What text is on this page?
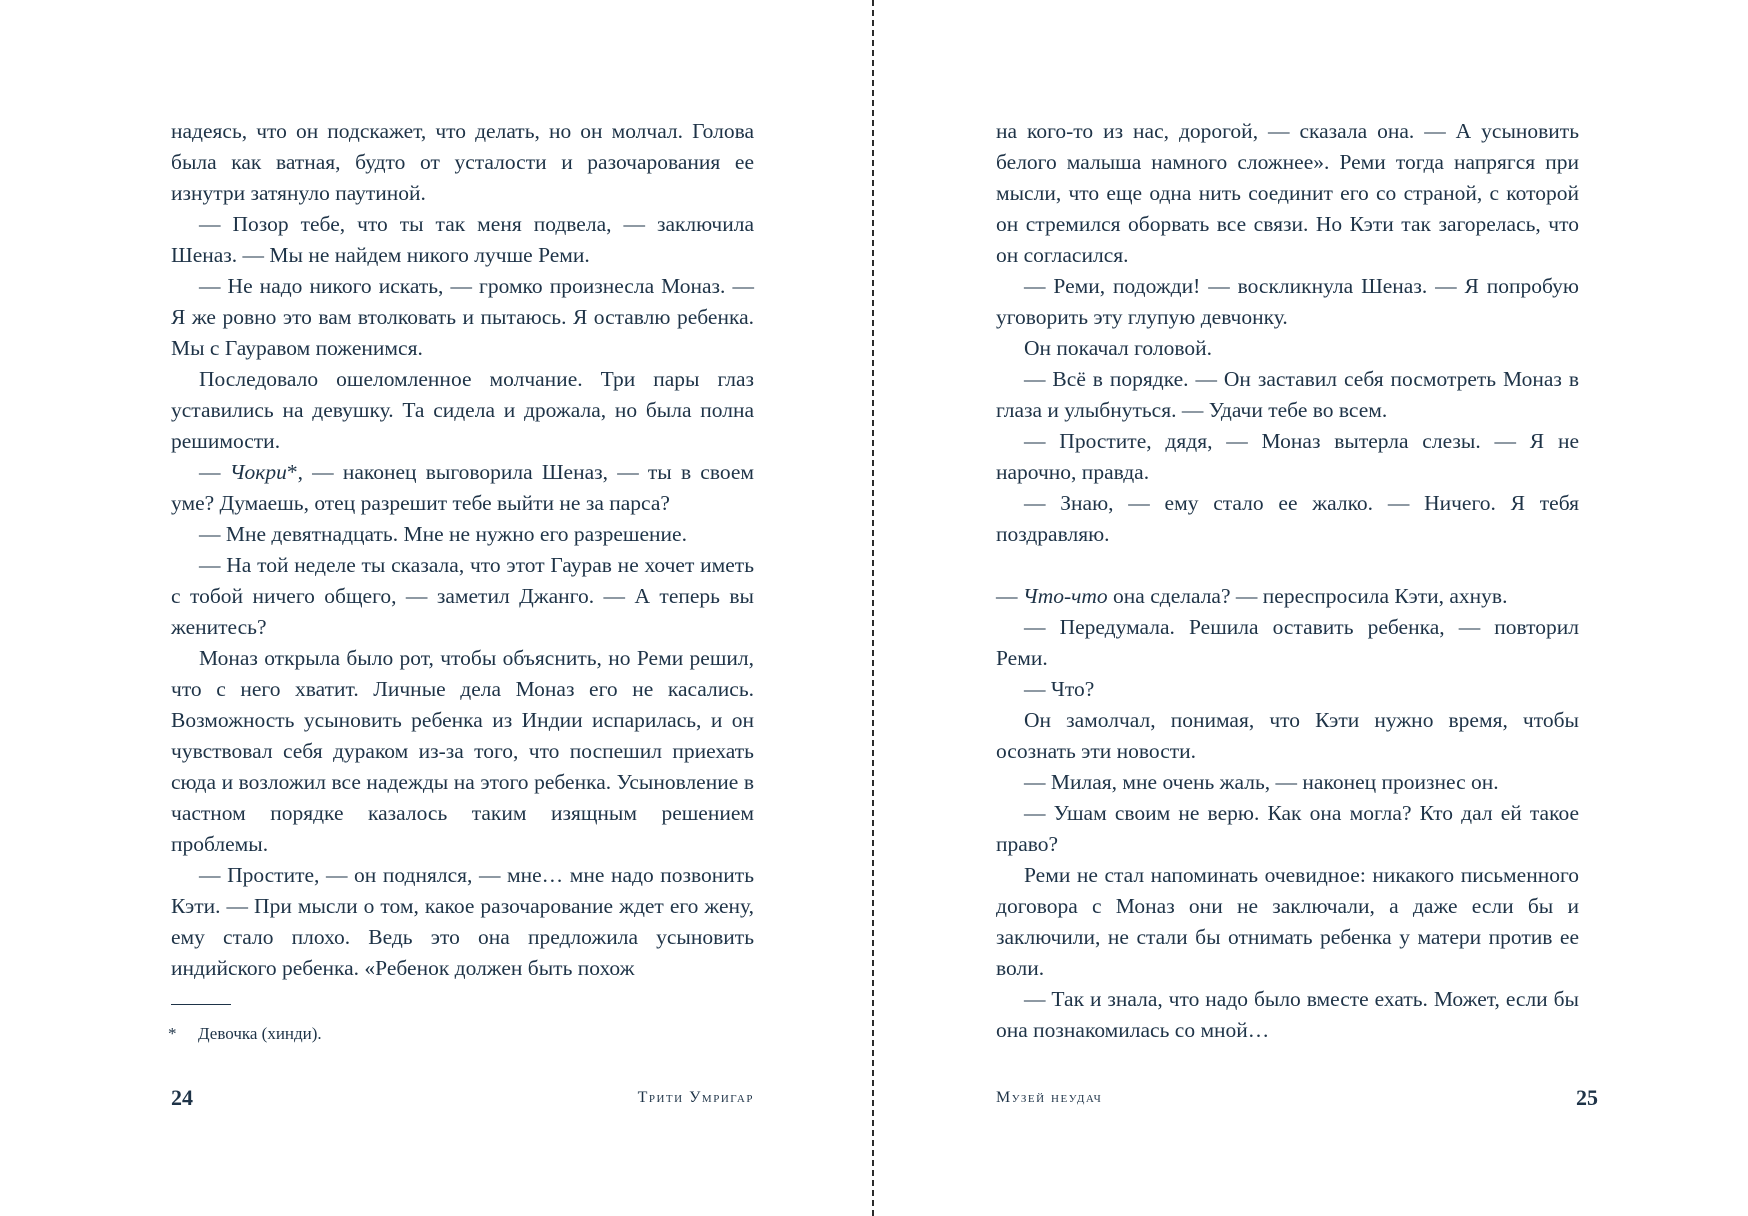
надеясь, что он подскажет, что делать, но он молчал. Голова была как ватная, будто от усталости и разочарования ее изнутри затянуло паутиной.

— Позор тебе, что ты так меня подвела, — заключила Шеназ. — Мы не найдем никого лучше Реми.

— Не надо никого искать, — громко произнесла Моназ. — Я же ровно это вам втолковать и пытаюсь. Я оставлю ребенка. Мы с Гауравом поженимся.

Последовало ошеломленное молчание. Три пары глаз уставились на девушку. Та сидела и дрожала, но была полна решимости.

— Чокри*, — наконец выговорила Шеназ, — ты в своем уме? Думаешь, отец разрешит тебе выйти не за парса?

— Мне девятнадцать. Мне не нужно его разрешение.

— На той неделе ты сказала, что этот Гаурав не хочет иметь с тобой ничего общего, — заметил Джанго. — А теперь вы женитесь?

Моназ открыла было рот, чтобы объяснить, но Реми решил, что с него хватит. Личные дела Моназ его не касались. Возможность усыновить ребенка из Индии испарилась, и он чувствовал себя дураком из-за того, что поспешил приехать сюда и возложил все надежды на этого ребенка. Усыновление в частном порядке казалось таким изящным решением проблемы.

— Простите, — он поднялся, — мне… мне надо позвонить Кэти. — При мысли о том, какое разочарование ждет его жену, ему стало плохо. Ведь это она предложила усыновить индийского ребенка. «Ребенок должен быть похож

* Девочка (хинди).
24	Трити Умригар

на кого-то из нас, дорогой, — сказала она. — А усыновить белого малыша намного сложнее». Реми тогда напрягся при мысли, что еще одна нить соединит его со страной, с которой он стремился оборвать все связи. Но Кэти так загорелась, что он согласился.

— Реми, подожди! — воскликнула Шеназ. — Я попробую уговорить эту глупую девчонку.

Он покачал головой.

— Всё в порядке. — Он заставил себя посмотреть Моназ в глаза и улыбнуться. — Удачи тебе во всем.

— Простите, дядя, — Моназ вытерла слезы. — Я не нарочно, правда.

— Знаю, — ему стало ее жалко. — Ничего. Я тебя поздравляю.

— Что-что она сделала? — переспросила Кэти, ахнув.

— Передумала. Решила оставить ребенка, — повторил Реми.

— Что?

Он замолчал, понимая, что Кэти нужно время, чтобы осознать эти новости.

— Милая, мне очень жаль, — наконец произнес он.

— Ушам своим не верю. Как она могла? Кто дал ей такое право?

Реми не стал напоминать очевидное: никакого письменного договора с Моназ они не заключали, а даже если бы и заключили, не стали бы отнимать ребенка у матери против ее воли.

— Так и знала, что надо было вместе ехать. Может, если бы она познакомилась со мной…

Музей неудач	25
